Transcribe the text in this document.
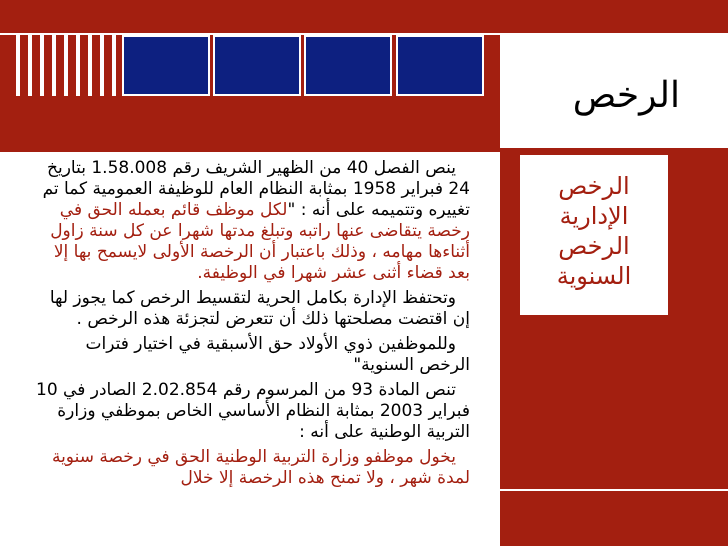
الرخص
الرخص
الإدارية
الرخص
السنوية

ينص الفصل 40 من الظهير الشريف رقم 1.58.008 بتاريخ 24 فبراير 1958 بمثابة النظام العام للوظيفة العمومية كما تم تغييره وتتميمه على أنه : "لكل موظف قائم بعمله الحق في رخصة يتقاضى عنها راتبه وتبلغ مدتها شهرا عن كل سنة زاول أثناءها مهامه ، وذلك باعتبار أن الرخصة الأولى لايسمح بها إلا بعد قضاء أثنى عشر شهرا في الوظيفة.

وتحتفظ الإدارة بكامل الحرية لتقسيط الرخص كما يجوز لها إن اقتضت مصلحتها ذلك أن تتعرض لتجزئة هذه الرخص .

وللموظفين ذوي الأولاد حق الأسبقية في اختيار فترات الرخص السنوية"

تنص المادة 93 من المرسوم رقم 2.02.854 الصادر في 10 فبراير 2003 بمثابة النظام الأساسي الخاص بموظفي وزارة التربية الوطنية على أنه :

يخول موظفو وزارة التربية الوطنية الحق في رخصة سنوية لمدة شهر ، ولا تمنح هذه الرخصة إلا خلال
